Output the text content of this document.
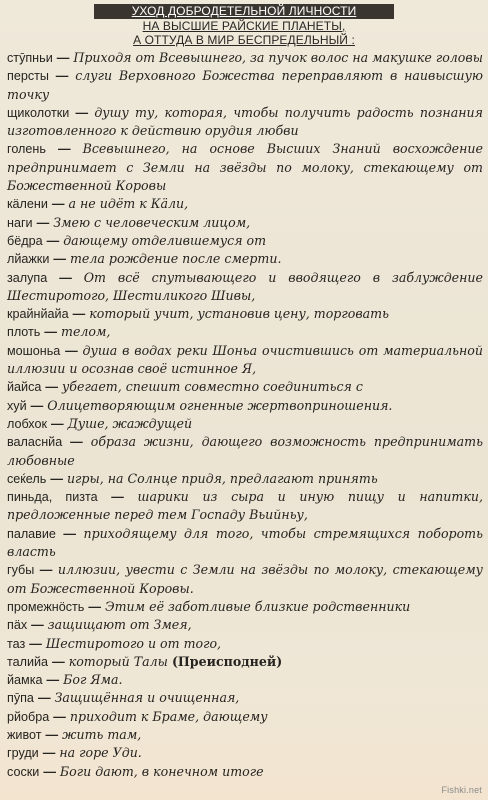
УХОД ДОБРОДЕТЕЛЬНОЙ ЛИЧНОСТИ
НА ВЫСШИЕ РАЙСКИЕ ПЛАНЕТЫ,
А ОТТУДА В МИР БЕСПРЕДЕЛЬНЫЙ :

стӯпньи — Приходя от Всевышнего, за пучок волос на макушке головы

персты — слуги Верховного Божества переправляют в наивысшую точку

щиколотки — душу ту, которая, чтобы получить радость познания изготовленного к действию орудия любви

голень — Всевышнего, на основе Высших Знаний восхождение предпринимает с Земли на звёзды по молоку, стекающему от Божественной Коровы

кӓлени — а не идёт к Кӓли,

наги — Змею с человеческим лицом,

бёдра — дающему отделившемуся от

лйажки — тела рождение после смерти.

залупа — От всё спутывающего и вводящего в заблуждение Шестиротого, Шестиликого Шивы,

крайнйайа — который учит, установив цену, торговать

плоть — телом,

мошоньа — душа в водах реки Шоньа очистившись от материальной иллюзии и осознав своё истинное Я,

йайса — убегает, спешит совместно соединиться с

хуй — Олицетворяющим огненные жертвоприношения.

лобхок — Душе, жаждущей

валаснйа — образа жизни, дающего возможность предпринимать любовные

сеќель — игры, на Солнце придя, предлагают принять

пиньда, пизта — шарики из сыра и иную пищу и напитки, предложенные перед тем Госпаду Вьийньу,

палавие — приходящему для того, чтобы стремящихся побороть власть

губы — иллюзии, увести с Земли на звёзды по молоку, стекающему от Божественной Коровы.

промежнӧсть — Этим её заботливые близкие родственники

пӓх — защищают от Змея,

таз — Шестиротого и от того,

талийа — который Талы (Преисподней)

йамка — Бог Яма.

пӯпа — Защищённая и очищенная,

рйобра — приходит к Браме, дающему

живот — жить там,

груди — на горе Уди.

соски — Боги дают, в конечном итоге

Fishki.net
